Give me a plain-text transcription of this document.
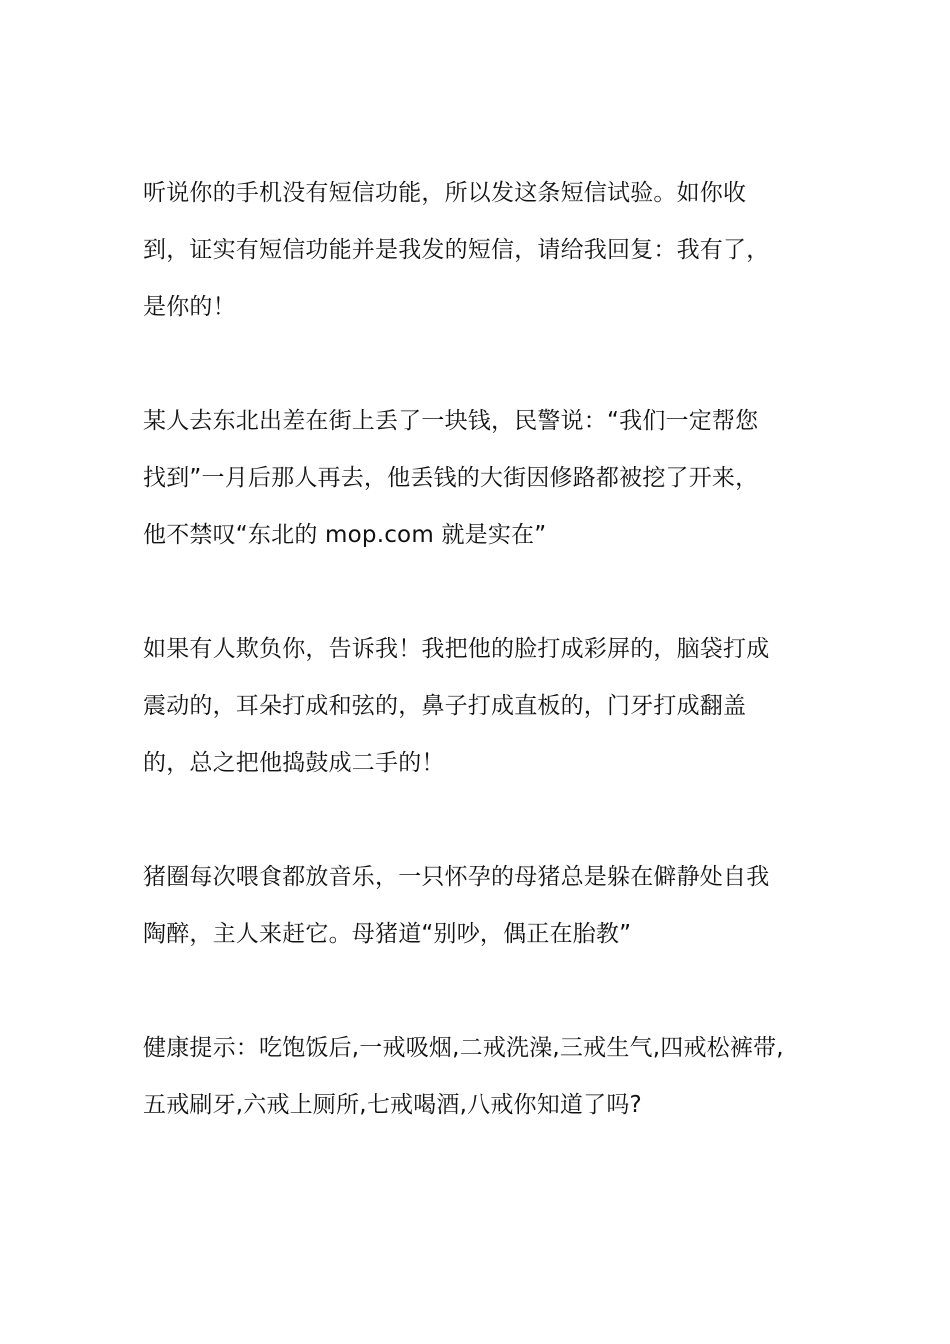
听说你的手机没有短信功能，所以发这条短信试验。如你收
到，证实有短信功能并是我发的短信，请给我回复：我有了，
是你的！

某人去东北出差在街上丢了一块钱，民警说：“我们一定帮您
找到”一月后那人再去，他丢钱的大街因修路都被挖了开来，
他不禁叹“东北的 mop.com 就是实在”

如果有人欺负你，告诉我！我把他的脸打成彩屏的，脑袋打成
震动的，耳朵打成和弦的，鼻子打成直板的，门牙打成翻盖
的，总之把他捣鼓成二手的！

猪圈每次喂食都放音乐，一只怀孕的母猪总是躲在僻静处自我
陶醉，主人来赶它。母猪道“别吵，偶正在胎教”

健康提示：吃饱饭后,一戒吸烟,二戒洗澡,三戒生气,四戒松裤带,
五戒刷牙,六戒上厕所,七戒喝酒,八戒你知道了吗?
